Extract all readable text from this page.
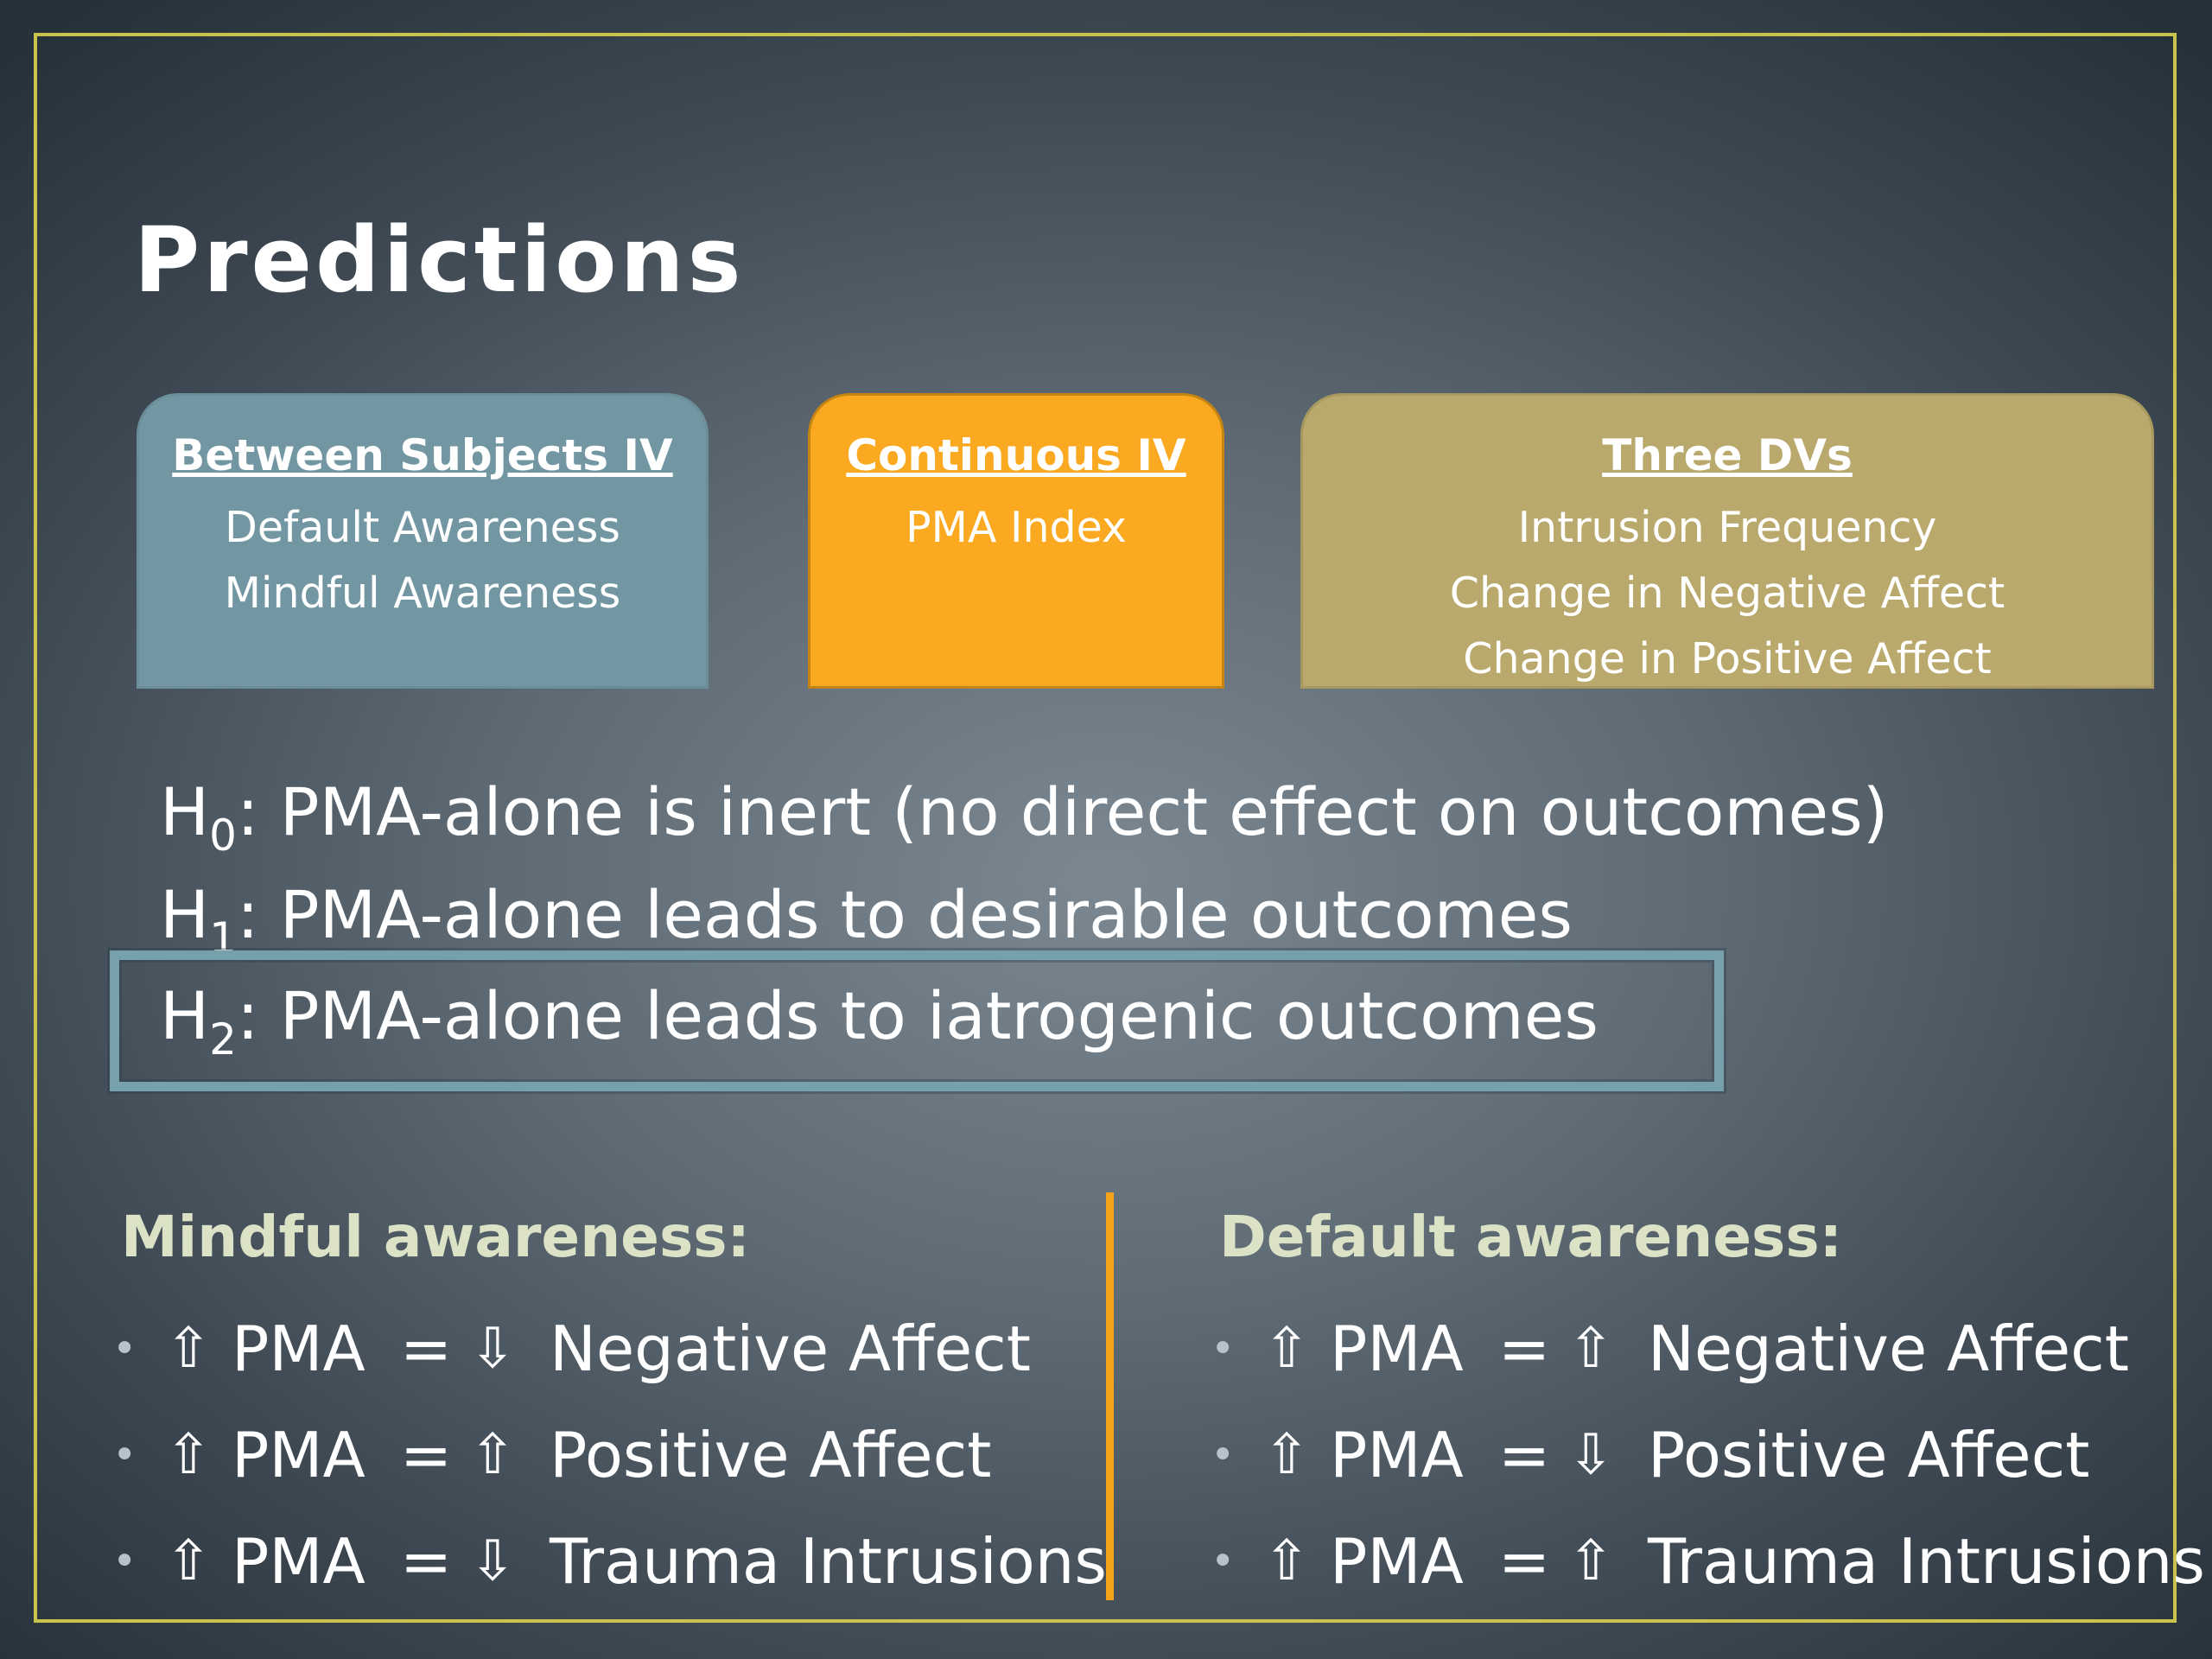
Predictions
Between Subjects IV
Default Awareness
Mindful Awareness
Continuous IV
PMA Index
Three DVs
Intrusion Frequency
Change in Negative Affect
Change in Positive Affect
$H_0$: PMA-alone is inert (no direct effect on outcomes)
$H_1$: PMA-alone leads to desirable outcomes
$H_2$: PMA-alone leads to iatrogenic outcomes
Mindful awareness:	Default awareness:
• ⇧ PMA = ⇩ Negative Affect
• ⇧ PMA = ⇧ Positive Affect
• ⇧ PMA = ⇩ Trauma Intrusions
• ⇧ PMA = ⇧ Negative Affect
• ⇧ PMA = ⇩ Positive Affect
• ⇧ PMA = ⇧ Trauma Intrusions
